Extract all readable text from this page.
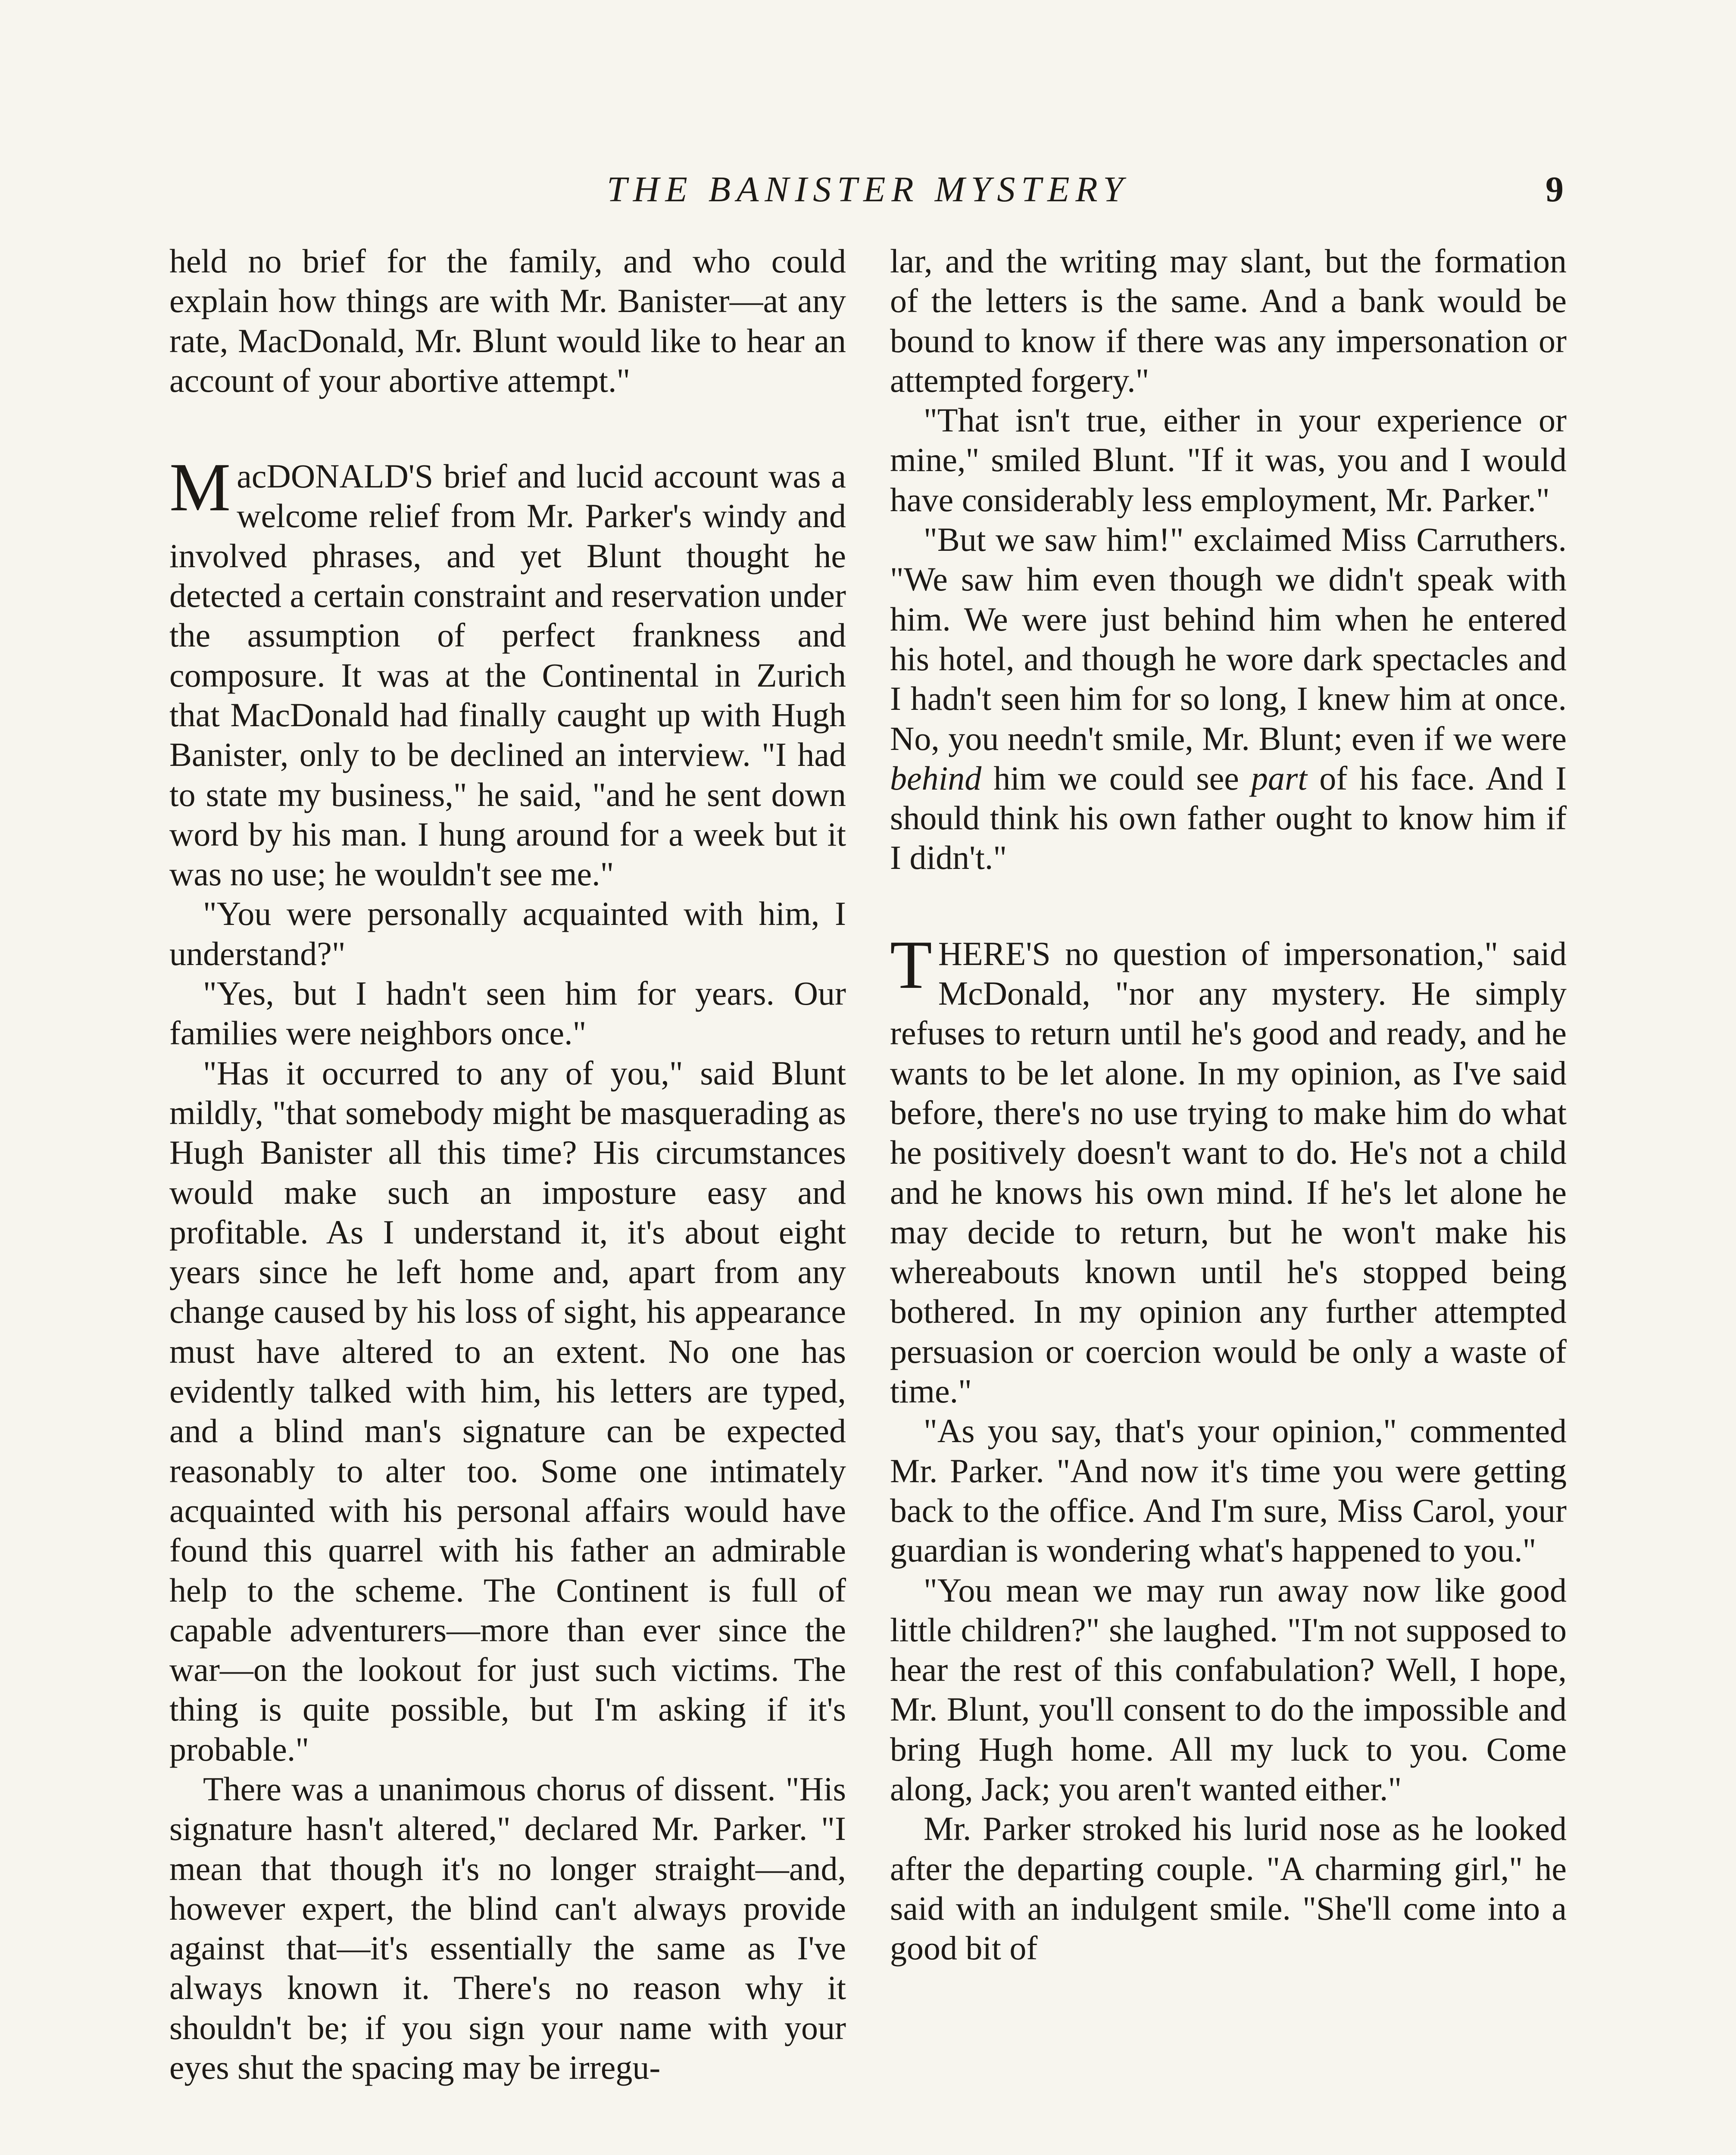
THE BANISTER MYSTERY	9

held no brief for the family, and who could explain how things are with Mr. Banister—at any rate, MacDonald, Mr. Blunt would like to hear an account of your abortive attempt."

MacDONALD'S brief and lucid account was a welcome relief from Mr. Parker's windy and involved phrases, and yet Blunt thought he detected a certain constraint and reservation under the assumption of perfect frankness and composure. It was at the Continental in Zurich that MacDonald had finally caught up with Hugh Banister, only to be declined an interview. "I had to state my business," he said, "and he sent down word by his man. I hung around for a week but it was no use; he wouldn't see me."

"You were personally acquainted with him, I understand?"

"Yes, but I hadn't seen him for years. Our families were neighbors once."

"Has it occurred to any of you," said Blunt mildly, "that somebody might be masquerading as Hugh Banister all this time? His circumstances would make such an imposture easy and profitable. As I understand it, it's about eight years since he left home and, apart from any change caused by his loss of sight, his appearance must have altered to an extent. No one has evidently talked with him, his letters are typed, and a blind man's signature can be expected reasonably to alter too. Some one intimately acquainted with his personal affairs would have found this quarrel with his father an admirable help to the scheme. The Continent is full of capable adventurers—more than ever since the war—on the lookout for just such victims. The thing is quite possible, but I'm asking if it's probable."

There was a unanimous chorus of dissent. "His signature hasn't altered," declared Mr. Parker. "I mean that though it's no longer straight—and, however expert, the blind can't always provide against that—it's essentially the same as I've always known it. There's no reason why it shouldn't be; if you sign your name with your eyes shut the spacing may be irregu-

lar, and the writing may slant, but the formation of the letters is the same. And a bank would be bound to know if there was any impersonation or attempted forgery."

"That isn't true, either in your experience or mine," smiled Blunt. "If it was, you and I would have considerably less employment, Mr. Parker."

"But we saw him!" exclaimed Miss Carruthers. "We saw him even though we didn't speak with him. We were just behind him when he entered his hotel, and though he wore dark spectacles and I hadn't seen him for so long, I knew him at once. No, you needn't smile, Mr. Blunt; even if we were behind him we could see part of his face. And I should think his own father ought to know him if I didn't."

THERE'S no question of impersonation," said McDonald, "nor any mystery. He simply refuses to return until he's good and ready, and he wants to be let alone. In my opinion, as I've said before, there's no use trying to make him do what he positively doesn't want to do. He's not a child and he knows his own mind. If he's let alone he may decide to return, but he won't make his whereabouts known until he's stopped being bothered. In my opinion any further attempted persuasion or coercion would be only a waste of time."

"As you say, that's your opinion," commented Mr. Parker. "And now it's time you were getting back to the office. And I'm sure, Miss Carol, your guardian is wondering what's happened to you."

"You mean we may run away now like good little children?" she laughed. "I'm not supposed to hear the rest of this confabulation? Well, I hope, Mr. Blunt, you'll consent to do the impossible and bring Hugh home. All my luck to you. Come along, Jack; you aren't wanted either."

Mr. Parker stroked his lurid nose as he looked after the departing couple. "A charming girl," he said with an indulgent smile. "She'll come into a good bit of
